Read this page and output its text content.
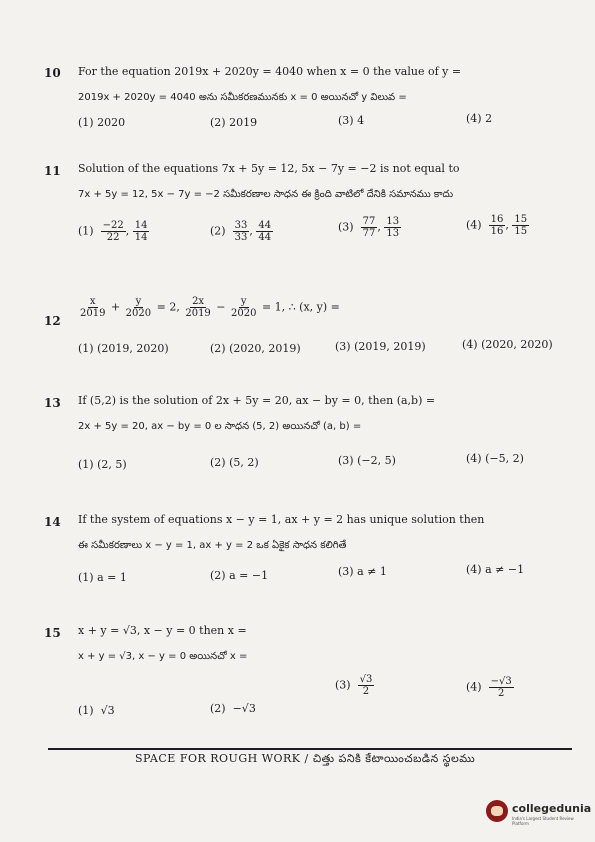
10 For the equation 2019x + 2020y = 4040 when x = 0 the value of y =
2019x + 2020y = 4040 అను సమీకరణమునకు x = 0 అయినచో y విలువ =
(1) 2020	(2) 2019	(3) 4	(4) 2
11 Solution of the equations 7x + 5y = 12, 5x − 7y = −2 is not equal to
7x + 5y = 12, 5x − 7y = −2 సమీకరణాల సాధన ఈ క్రింది వాటిలో దేనికి సమానము కాదు
$(1) \frac{-22}{22}$ , $\frac{14}{14}$	$(2) \frac{33}{33}$ , $\frac{44}{44}$	$(3) \frac{77}{77}$ , $\frac{13}{13}$	$(4) \frac{16}{16}$ , $\frac{15}{15}$
12
$\frac{x}{2019} + \frac{y}{2020} = 2$, $\frac{2x}{2019} - \frac{y}{2020} = 1$, ∴ (x, y) =
(1) (2019, 2020)	(2) (2020, 2019)	(3) (2019, 2019)	(4) (2020, 2020)
13 If (5,2) is the solution of 2x + 5y = 20, ax − by = 0, then (a,b) =
2x + 5y = 20, ax − by = 0 ల సాధన (5, 2) అయినచో (a, b) =
(1) (2, 5)	(2) (5, 2)	(3) (−2, 5)	(4) (−5, 2)
14 If the system of equations x − y = 1, ax + y = 2 has unique solution then
ఈ సమీకరణాలు x − y = 1, ax + y = 2 ఒక ఏకైక సాధన కలిగితే
(1) a = 1	(2) a = −1	(3) a ≠ 1	(4) a ≠ −1
15 x + y = √3, x − y = 0 then x =
x + y = √3, x − y = 0 అయినచో x =
(1) √3	(2) −√3
$(3) \frac{√3}{2}$	$(4) \frac{-√3}{2}$
SPACE FOR ROUGH WORK / చిత్తు పనికి కేటాయించబడిన స్థలము
collegedunia
India's Largest Student Review Platform
